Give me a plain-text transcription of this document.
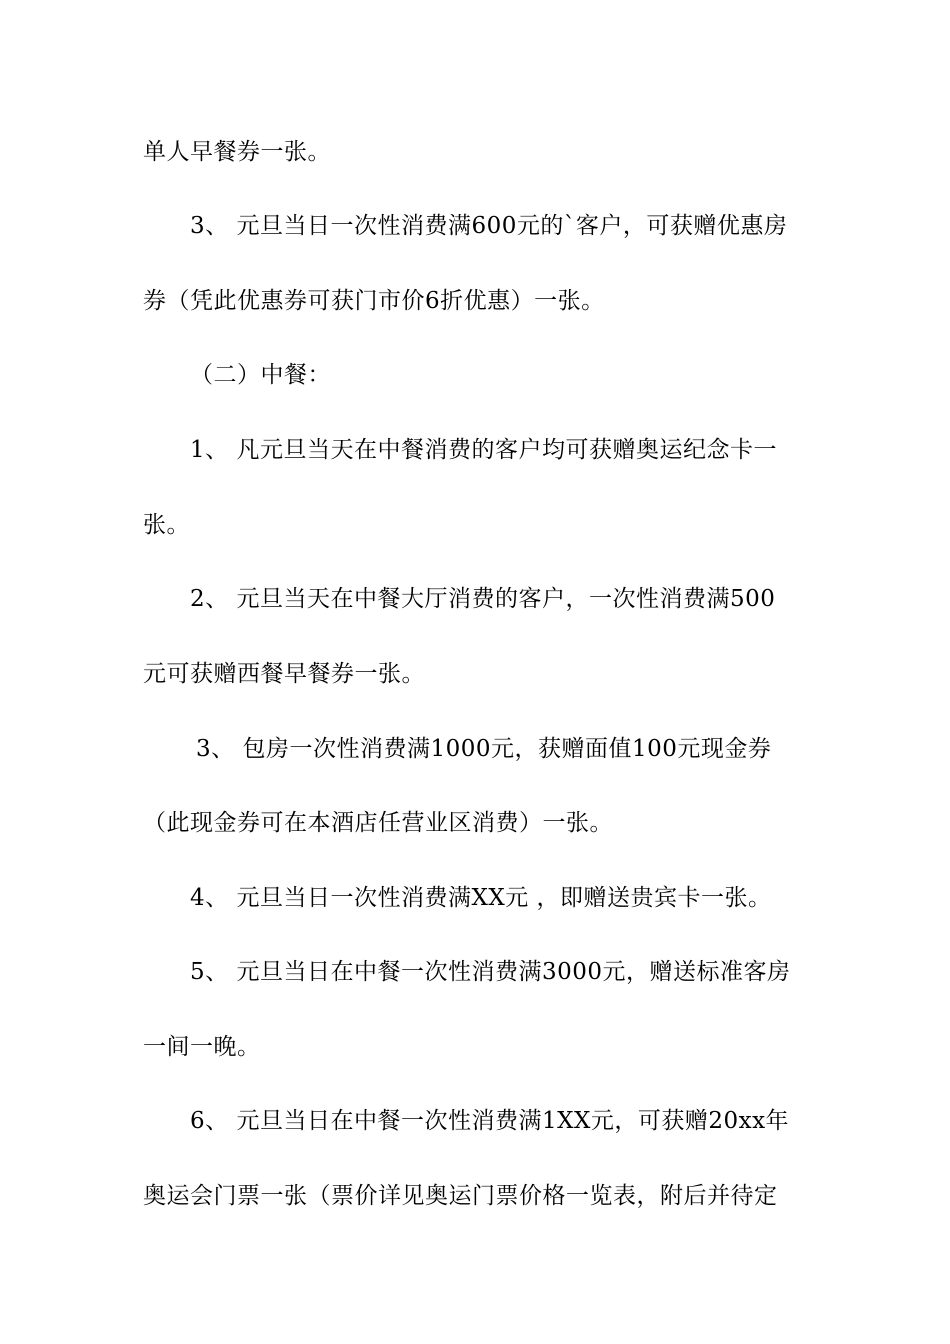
单人早餐券一张。
3、 元旦当日一次性消费满600元的`客户，可获赠优惠房
券（凭此优惠券可获门市价6折优惠）一张。
（二）中餐：
1、 凡元旦当天在中餐消费的客户均可获赠奥运纪念卡一
张。
2、 元旦当天在中餐大厅消费的客户，一次性消费满500
元可获赠西餐早餐券一张。
3、 包房一次性消费满1000元，获赠面值100元现金券
（此现金券可在本酒店任营业区消费）一张。
4、 元旦当日一次性消费满XX元 ，即赠送贵宾卡一张。
5、 元旦当日在中餐一次性消费满3000元，赠送标准客房
一间一晚。
6、 元旦当日在中餐一次性消费满1XX元，可获赠20xx年
奥运会门票一张（票价详见奥运门票价格一览表，附后并待定
